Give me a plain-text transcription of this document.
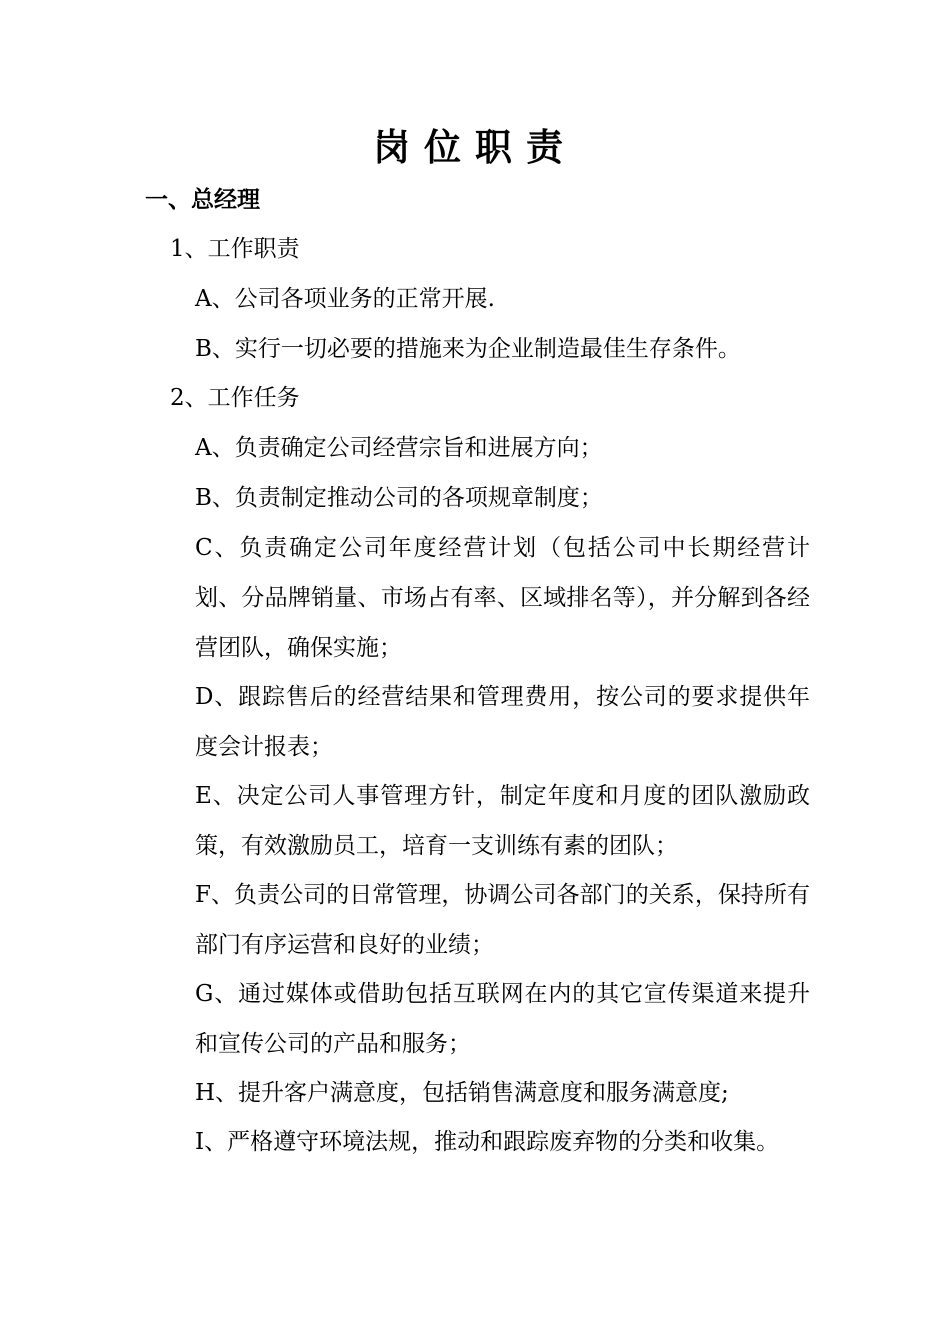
岗位职责
一、总经理
1、工作职责
A、公司各项业务的正常开展.
B、实行一切必要的措施来为企业制造最佳生存条件。
2、工作任务
A、负责确定公司经营宗旨和进展方向；
B、负责制定推动公司的各项规章制度；
C、负责确定公司年度经营计划（包括公司中长期经营计划、分品牌销量、市场占有率、区域排名等），并分解到各经营团队，确保实施；
D、跟踪售后的经营结果和管理费用，按公司的要求提供年度会计报表；
E、决定公司人事管理方针，制定年度和月度的团队激励政策，有效激励员工，培育一支训练有素的团队；
F、负责公司的日常管理，协调公司各部门的关系，保持所有部门有序运营和良好的业绩；
G、通过媒体或借助包括互联网在内的其它宣传渠道来提升和宣传公司的产品和服务；
H、提升客户满意度，包括销售满意度和服务满意度;
I、严格遵守环境法规，推动和跟踪废弃物的分类和收集。
